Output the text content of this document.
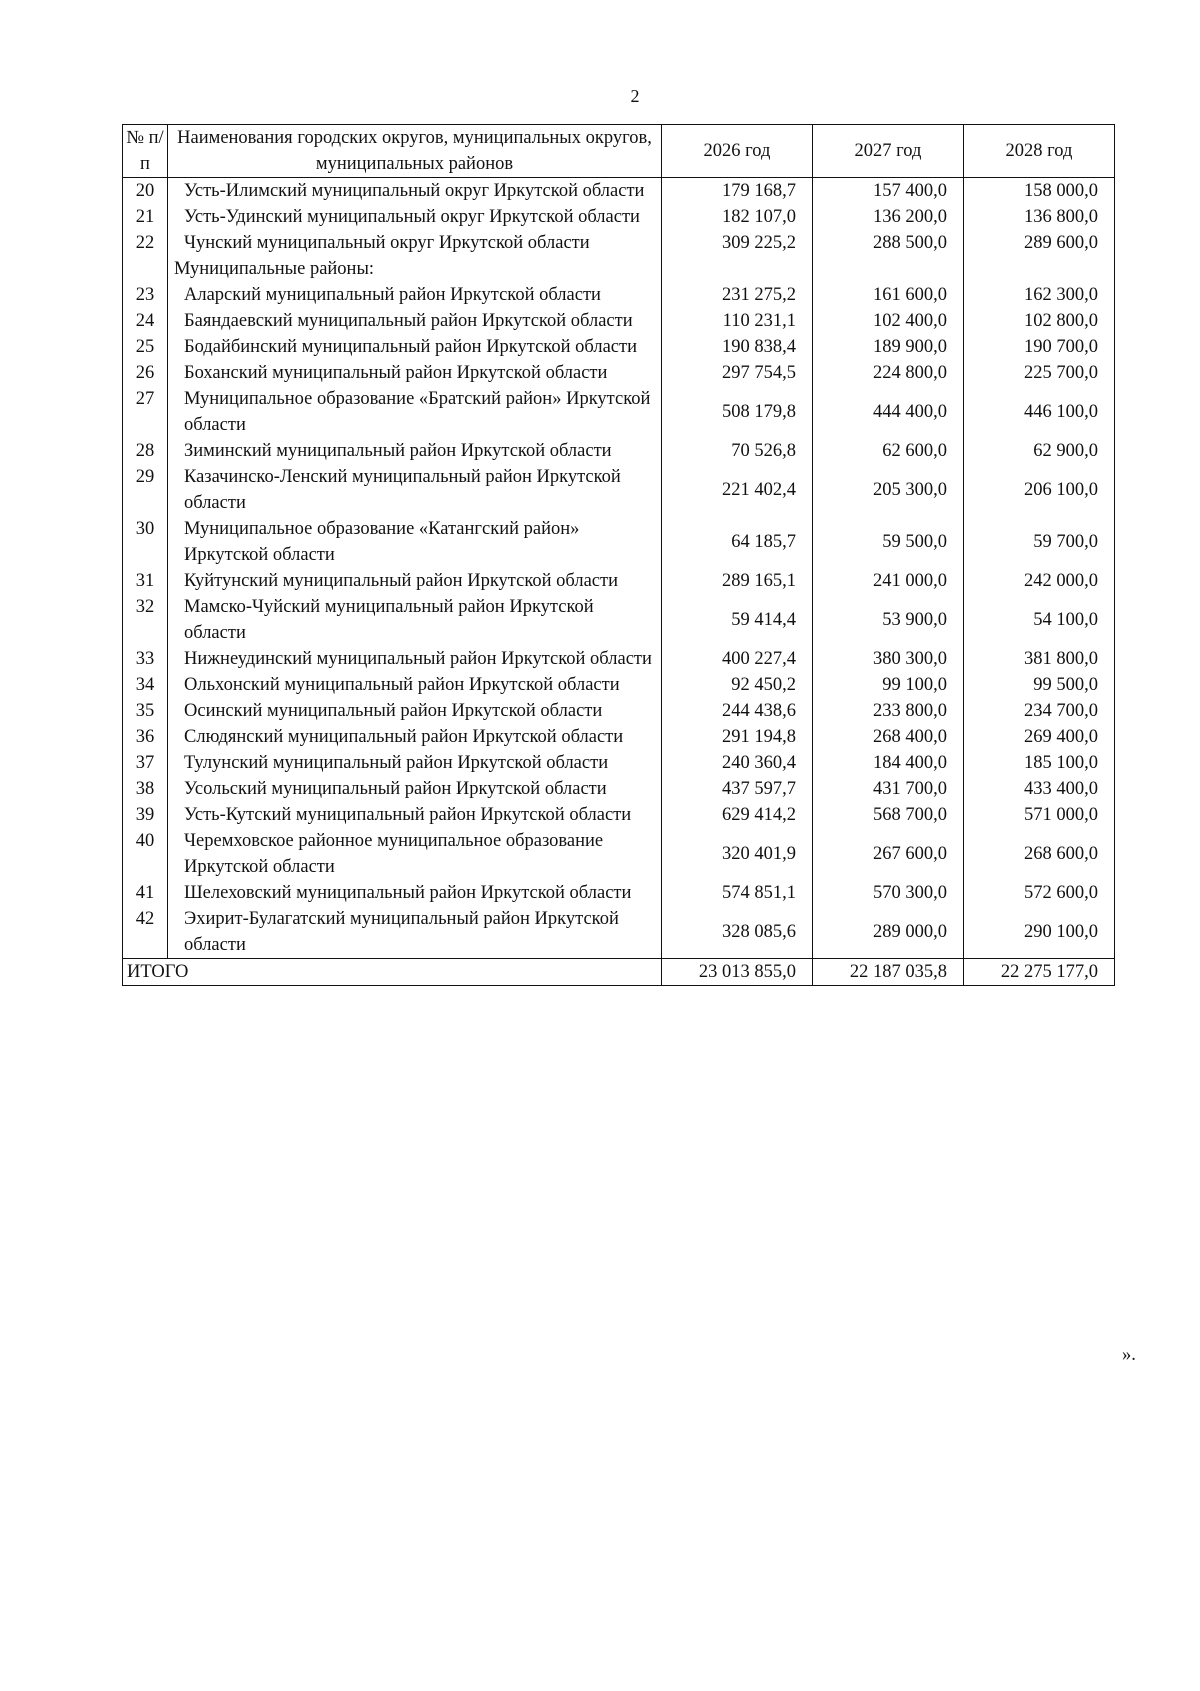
2
№ п/п	Наименования городских округов, муниципальных округов, муниципальных районов	2026 год	2027 год	2028 год
20	Усть-Илимский муниципальный округ Иркутской области	179 168,7	157 400,0	158 000,0
21	Усть-Удинский муниципальный округ Иркутской области	182 107,0	136 200,0	136 800,0
22	Чунский муниципальный округ Иркутской области	309 225,2	288 500,0	289 600,0
	Муниципальные районы:			
23	Аларский муниципальный район Иркутской области	231 275,2	161 600,0	162 300,0
24	Баяндаевский муниципальный район Иркутской области	110 231,1	102 400,0	102 800,0
25	Бодайбинский муниципальный район Иркутской области	190 838,4	189 900,0	190 700,0
26	Боханский муниципальный район Иркутской области	297 754,5	224 800,0	225 700,0
27	Муниципальное образование «Братский район» Иркутской области	508 179,8	444 400,0	446 100,0
28	Зиминский муниципальный район Иркутской области	70 526,8	62 600,0	62 900,0
29	Казачинско-Ленский муниципальный район Иркутской области	221 402,4	205 300,0	206 100,0
30	Муниципальное образование «Катангский район» Иркутской области	64 185,7	59 500,0	59 700,0
31	Куйтунский муниципальный район Иркутской области	289 165,1	241 000,0	242 000,0
32	Мамско-Чуйский муниципальный район Иркутской области	59 414,4	53 900,0	54 100,0
33	Нижнеудинский муниципальный район Иркутской области	400 227,4	380 300,0	381 800,0
34	Ольхонский муниципальный район Иркутской области	92 450,2	99 100,0	99 500,0
35	Осинский муниципальный район Иркутской области	244 438,6	233 800,0	234 700,0
36	Слюдянский муниципальный район Иркутской области	291 194,8	268 400,0	269 400,0
37	Тулунский муниципальный район Иркутской области	240 360,4	184 400,0	185 100,0
38	Усольский муниципальный район Иркутской области	437 597,7	431 700,0	433 400,0
39	Усть-Кутский муниципальный район Иркутской области	629 414,2	568 700,0	571 000,0
40	Черемховское районное муниципальное образование Иркутской области	320 401,9	267 600,0	268 600,0
41	Шелеховский муниципальный район Иркутской области	574 851,1	570 300,0	572 600,0
42	Эхирит-Булагатский муниципальный район Иркутской области	328 085,6	289 000,0	290 100,0
ИТОГО		23 013 855,0	22 187 035,8	22 275 177,0
».
